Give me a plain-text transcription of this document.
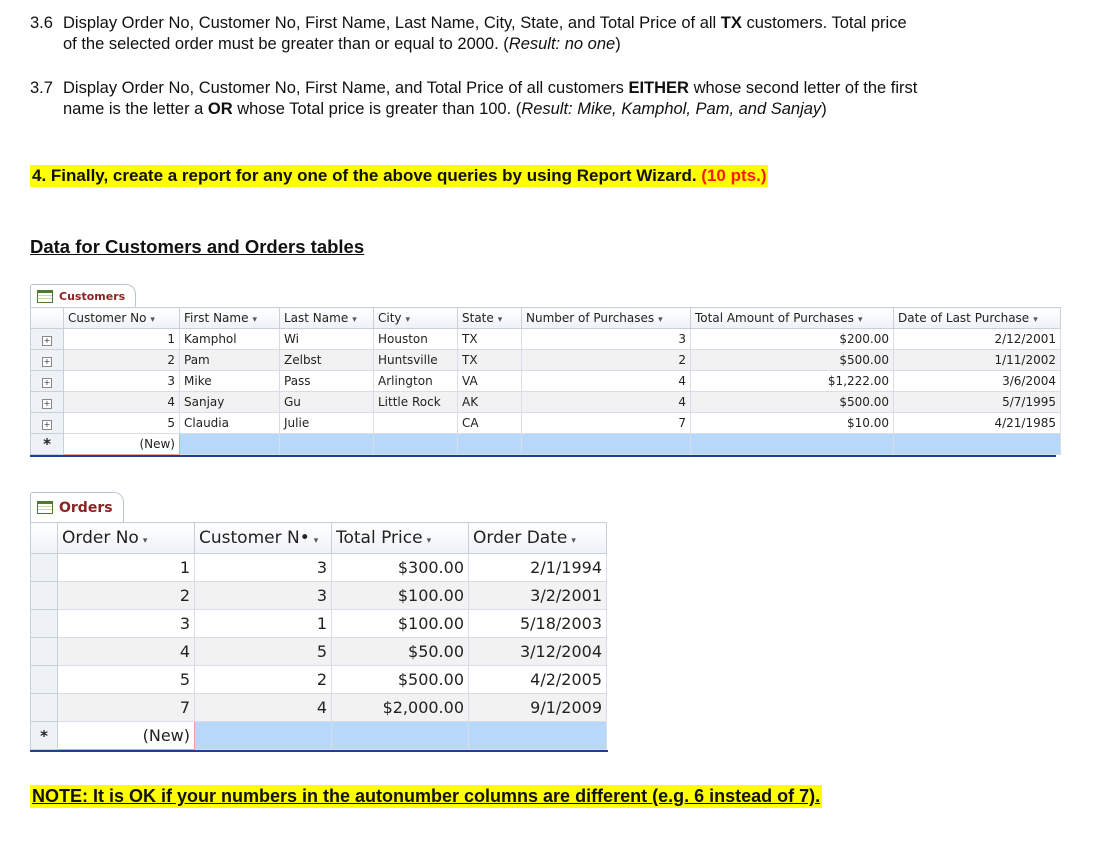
3.6 Display Order No, Customer No, First Name, Last Name, City, State, and Total Price of all TX customers. Total price
of the selected order must be greater than or equal to 2000. (Result: no one)
3.7 Display Order No, Customer No, First Name, and Total Price of all customers EITHER whose second letter of the first
name is the letter a OR whose Total price is greater than 100. (Result: Mike, Kamphol, Pam, and Sanjay)
4. Finally, create a report for any one of the above queries by using Report Wizard. (10 pts.)
Data for Customers and Orders tables
Customers
	Customer No ▾	First Name ▾	Last Name ▾	City ▾	State ▾	Number of Purchases ▾	Total Amount of Purchases ▾	Date of Last Purchase ▾
+	1	Kamphol	Wi	Houston	TX	3	$200.00	2/12/2001
+	2	Pam	Zelbst	Huntsville	TX	2	$500.00	1/11/2002
+	3	Mike	Pass	Arlington	VA	4	$1,222.00	3/6/2004
+	4	Sanjay	Gu	Little Rock	AK	4	$500.00	5/7/1995
+	5	Claudia	Julie		CA	7	$10.00	4/21/1985
*	(New)							
Orders
	Order No ▾	Customer N• ▾	Total Price ▾	Order Date ▾
	1	3	$300.00	2/1/1994
	2	3	$100.00	3/2/2001
	3	1	$100.00	5/18/2003
	4	5	$50.00	3/12/2004
	5	2	$500.00	4/2/2005
	7	4	$2,000.00	9/1/2009
*	(New)			
NOTE: It is OK if your numbers in the autonumber columns are different (e.g. 6 instead of 7).
